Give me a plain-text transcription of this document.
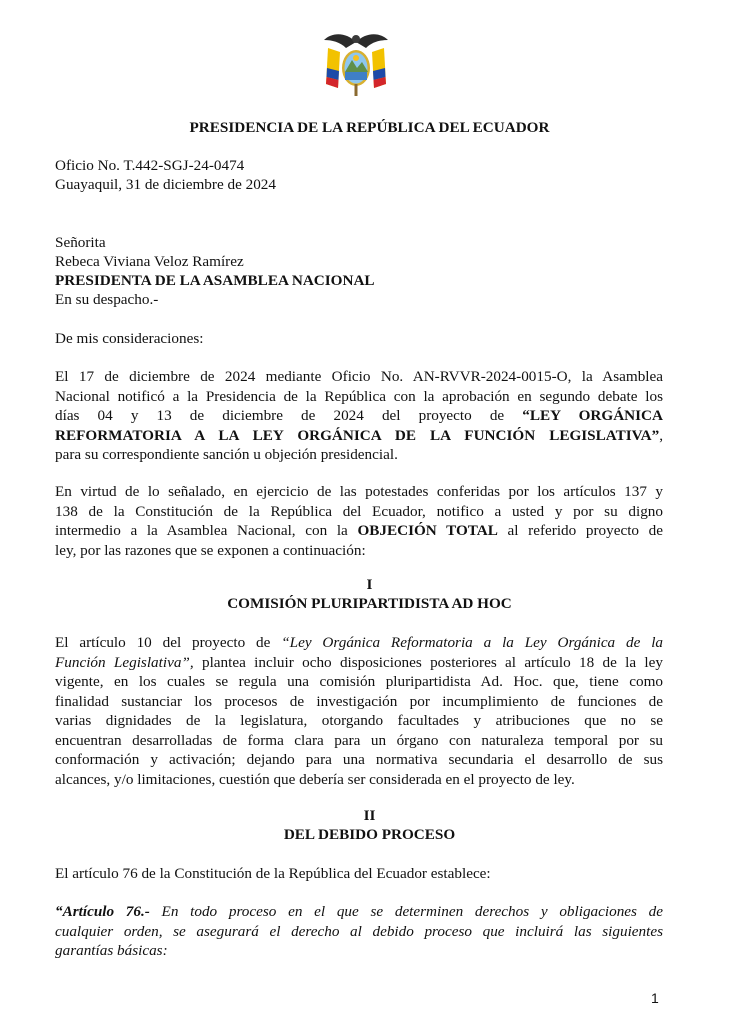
PRESIDENCIA DE LA REPÚBLICA DEL ECUADOR

Oficio No. T.442-SGJ-24-0474

Guayaquil, 31 de diciembre de 2024

Señorita

Rebeca Viviana Veloz Ramírez

PRESIDENTA DE LA ASAMBLEA NACIONAL

En su despacho.-

De mis consideraciones:

El 17 de diciembre de 2024 mediante Oficio No. AN-RVVR-2024-0015-O, la Asamblea
Nacional notificó a la Presidencia de la República con la aprobación en segundo debate los
días 04 y 13 de diciembre de 2024 del proyecto de “LEY ORGÁNICA
REFORMATORIA A LA LEY ORGÁNICA DE LA FUNCIÓN LEGISLATIVA”,
para su correspondiente sanción u objeción presidencial.
En virtud de lo señalado, en ejercicio de las potestades conferidas por los artículos 137 y
138 de la Constitución de la República del Ecuador, notifico a usted y por su digno
intermedio a la Asamblea Nacional, con la OBJECIÓN TOTAL al referido proyecto de
ley, por las razones que se exponen a continuación:

I

COMISIÓN PLURIPARTIDISTA AD HOC

El artículo 10 del proyecto de “Ley Orgánica Reformatoria a la Ley Orgánica de la
Función Legislativa”, plantea incluir ocho disposiciones posteriores al artículo 18 de la ley
vigente, en los cuales se regula una comisión pluripartidista Ad. Hoc. que, tiene como
finalidad sustanciar los procesos de investigación por incumplimiento de funciones de
varias dignidades de la legislatura, otorgando facultades y atribuciones que no se
encuentran desarrolladas de forma clara para un órgano con naturaleza temporal por su
conformación y activación; dejando para una normativa secundaria el desarrollo de sus
alcances, y/o limitaciones, cuestión que debería ser considerada en el proyecto de ley.

II

DEL DEBIDO PROCESO

El artículo 76 de la Constitución de la República del Ecuador establece:

“Artículo 76.- En todo proceso en el que se determinen derechos y obligaciones de
cualquier orden, se asegurará el derecho al debido proceso que incluirá las siguientes
garantías básicas:
1
